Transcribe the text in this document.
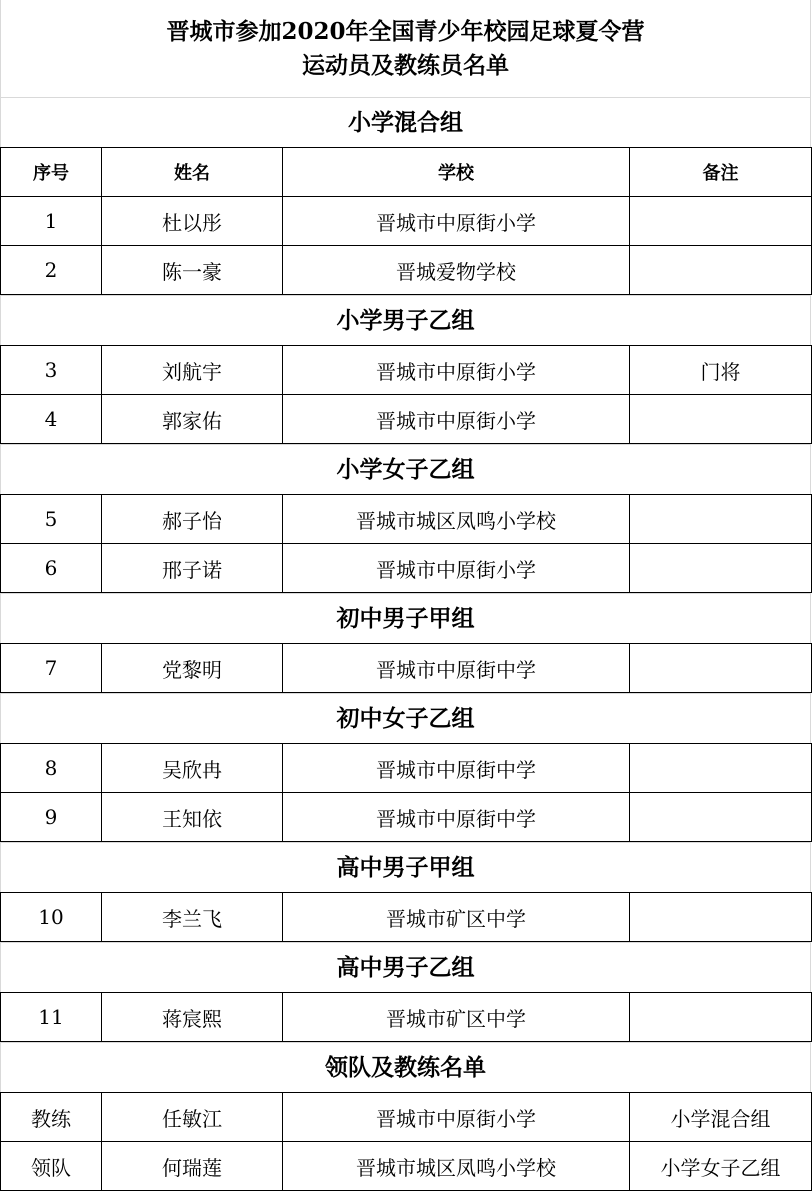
晋城市参加2020年全国青少年校园足球夏令营
运动员及教练员名单
小学混合组
序号	姓名	学校	备注
1	杜以彤	晋城市中原街小学	
2	陈一豪	晋城爱物学校	
小学男子乙组
3	刘航宇	晋城市中原街小学	门将
4	郭家佑	晋城市中原街小学	
小学女子乙组
5	郝子怡	晋城市城区凤鸣小学校	
6	邢子诺	晋城市中原街小学	
初中男子甲组
7	党黎明	晋城市中原街中学	
初中女子乙组
8	吴欣冉	晋城市中原街中学	
9	王知依	晋城市中原街中学	
高中男子甲组
10	李兰飞	晋城市矿区中学	
高中男子乙组
11	蒋宸熙	晋城市矿区中学	
领队及教练名单
教练	任敏江	晋城市中原街小学	小学混合组
领队	何瑞莲	晋城市城区凤鸣小学校	小学女子乙组
